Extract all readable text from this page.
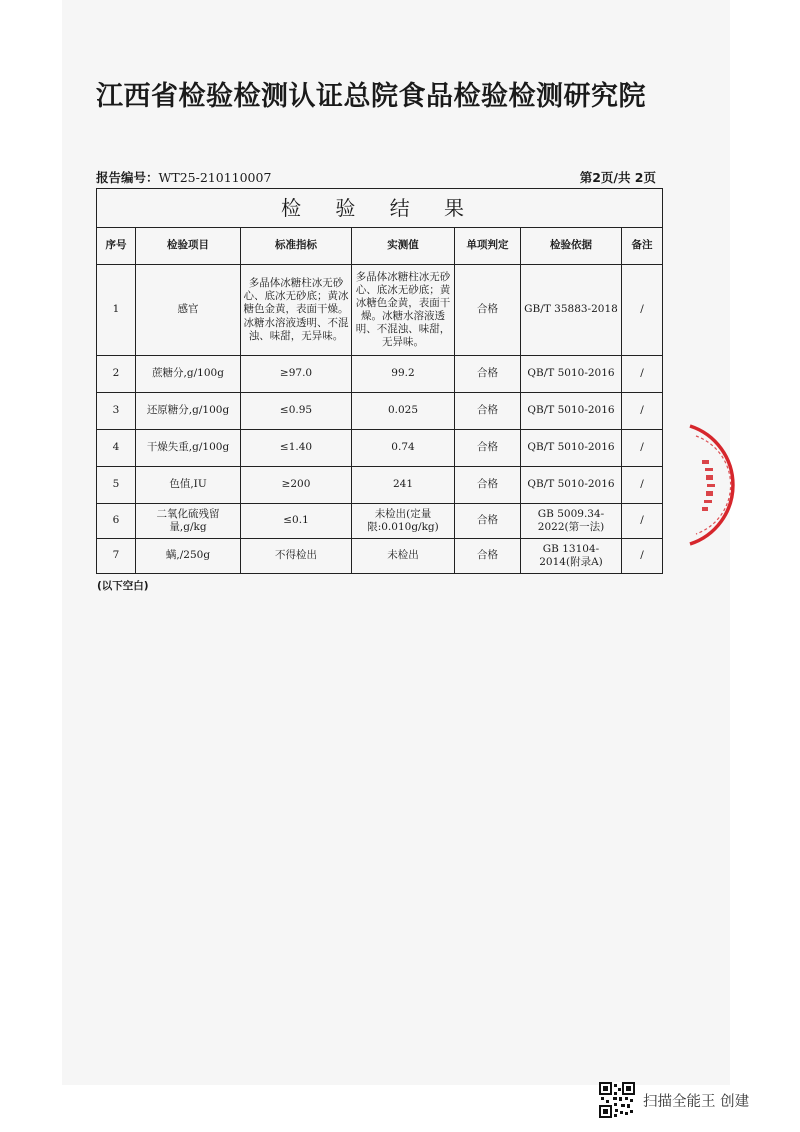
江西省检验检测认证总院食品检验检测研究院
报告编号：WT25-210110007	第2页/共 2页
检 验 结 果						
序号	检验项目	标准指标	实测值	单项判定	检验依据	备注
1	感官	多晶体冰糖柱冰无砂心、底冰无砂底；黄冰糖色金黄，表面干燥。冰糖水溶液透明、不混浊、味甜，无异味。	多晶体冰糖柱冰无砂心、底冰无砂底；黄冰糖色金黄，表面干燥。冰糖水溶液透明、不混浊、味甜，无异味。	合格	GB/T 35883-2018	/
2	蔗糖分,g/100g	≥97.0	99.2	合格	QB/T 5010-2016	/
3	还原糖分,g/100g	≤0.95	0.025	合格	QB/T 5010-2016	/
4	干燥失重,g/100g	≤1.40	0.74	合格	QB/T 5010-2016	/
5	色值,IU	≥200	241	合格	QB/T 5010-2016	/
6	二氧化硫残留量,g/kg	≤0.1	未检出(定量限:0.010g/kg)	合格	GB 5009.34-2022(第一法)	/
7	螨,/250g	不得检出	未检出	合格	GB 13104-2014(附录A)	/
(以下空白)
扫描全能王 创建
